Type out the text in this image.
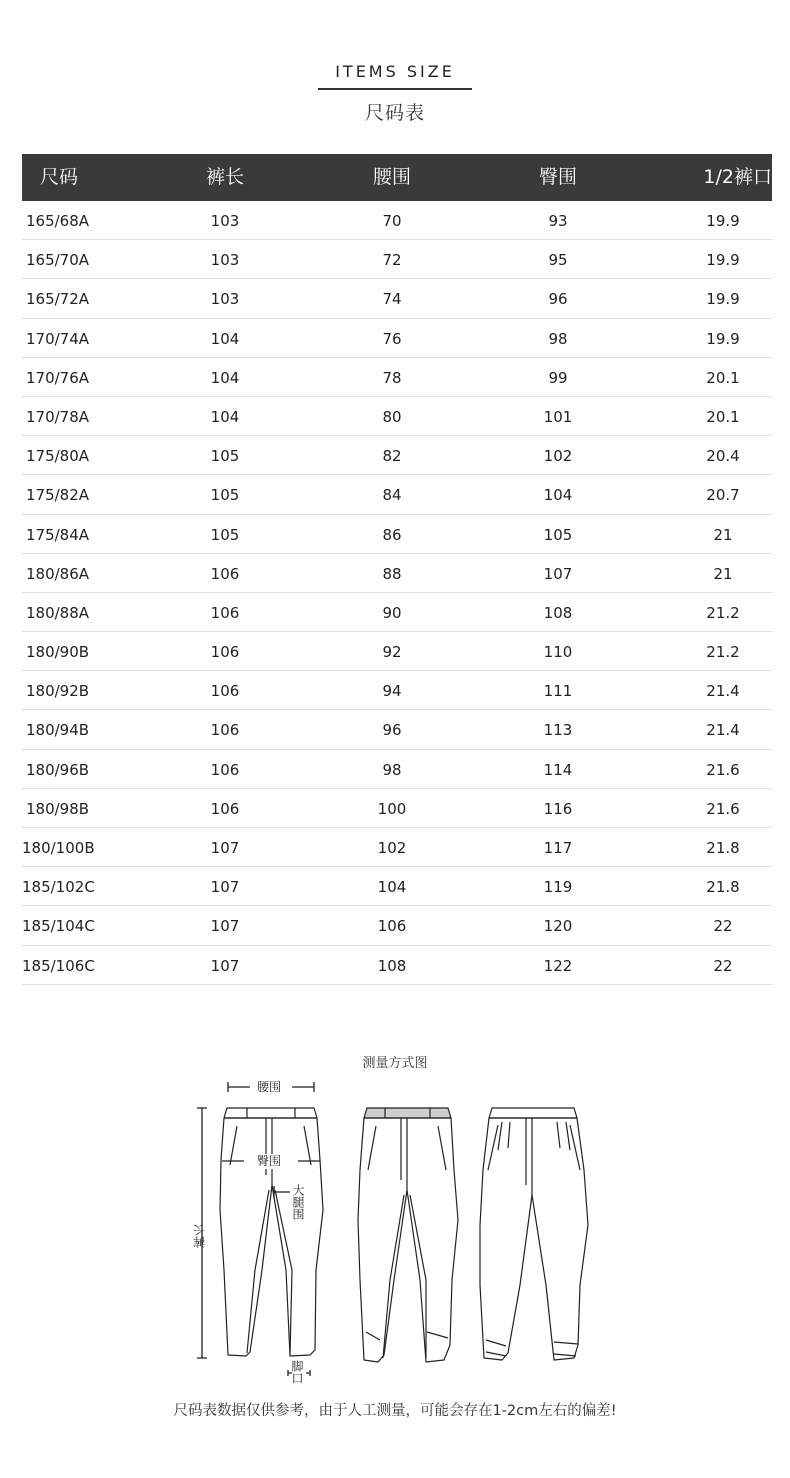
ITEMS SIZE
尺码表
尺码	裤长	腰围	臀围	1/2裤口
165/68A	103	70	93	19.9
165/70A	103	72	95	19.9
165/72A	103	74	96	19.9
170/74A	104	76	98	19.9
170/76A	104	78	99	20.1
170/78A	104	80	101	20.1
175/80A	105	82	102	20.4
175/82A	105	84	104	20.7
175/84A	105	86	105	21
180/86A	106	88	107	21
180/88A	106	90	108	21.2
180/90B	106	92	110	21.2
180/92B	106	94	111	21.4
180/94B	106	96	113	21.4
180/96B	106	98	114	21.6
180/98B	106	100	116	21.6
180/100B	107	102	117	21.8
185/102C	107	104	119	21.8
185/104C	107	106	120	22
185/106C	107	108	122	22
测量方式图
腰围
臀围
大腿围
裤长
脚口
尺码表数据仅供参考，由于人工测量，可能会存在1-2cm左右的偏差!
